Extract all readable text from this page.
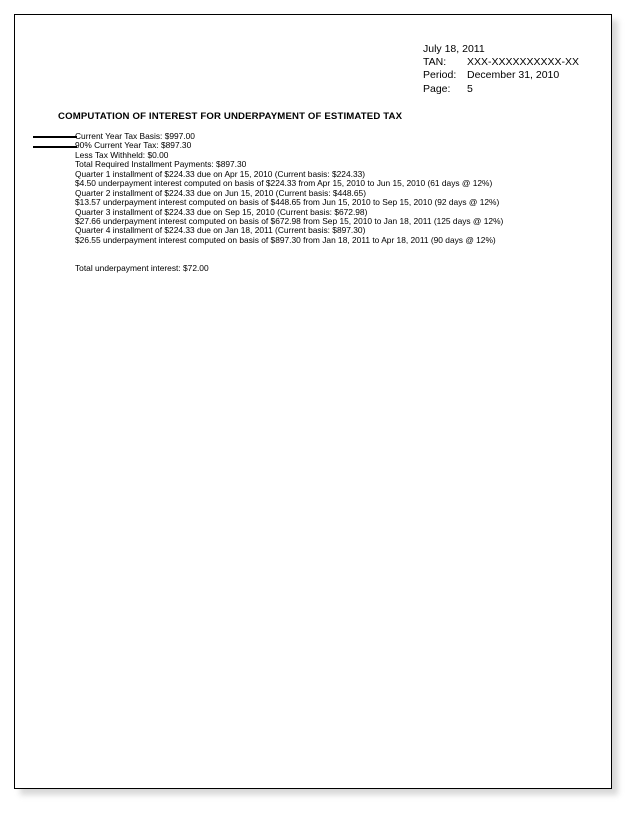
July 18, 2011
TAN: XXX-XXXXXXXXXX-XX
Period: December 31, 2010
Page: 5
COMPUTATION OF INTEREST FOR UNDERPAYMENT OF ESTIMATED TAX
Current Year Tax Basis: $997.00
90% Current Year Tax: $897.30
Less Tax Withheld: $0.00
Total Required Installment Payments: $897.30
Quarter 1 installment of $224.33 due on Apr 15, 2010 (Current basis: $224.33)
$4.50 underpayment interest computed on basis of $224.33 from Apr 15, 2010 to Jun 15, 2010 (61 days @ 12%)
Quarter 2 installment of $224.33 due on Jun 15, 2010 (Current basis: $448.65)
$13.57 underpayment interest computed on basis of $448.65 from Jun 15, 2010 to Sep 15, 2010 (92 days @ 12%)
Quarter 3 installment of $224.33 due on Sep 15, 2010 (Current basis: $672.98)
$27.66 underpayment interest computed on basis of $672.98 from Sep 15, 2010 to Jan 18, 2011 (125 days @ 12%)
Quarter 4 installment of $224.33 due on Jan 18, 2011 (Current basis: $897.30)
$26.55 underpayment interest computed on basis of $897.30 from Jan 18, 2011 to Apr 18, 2011 (90 days @ 12%)
Total underpayment interest: $72.00
